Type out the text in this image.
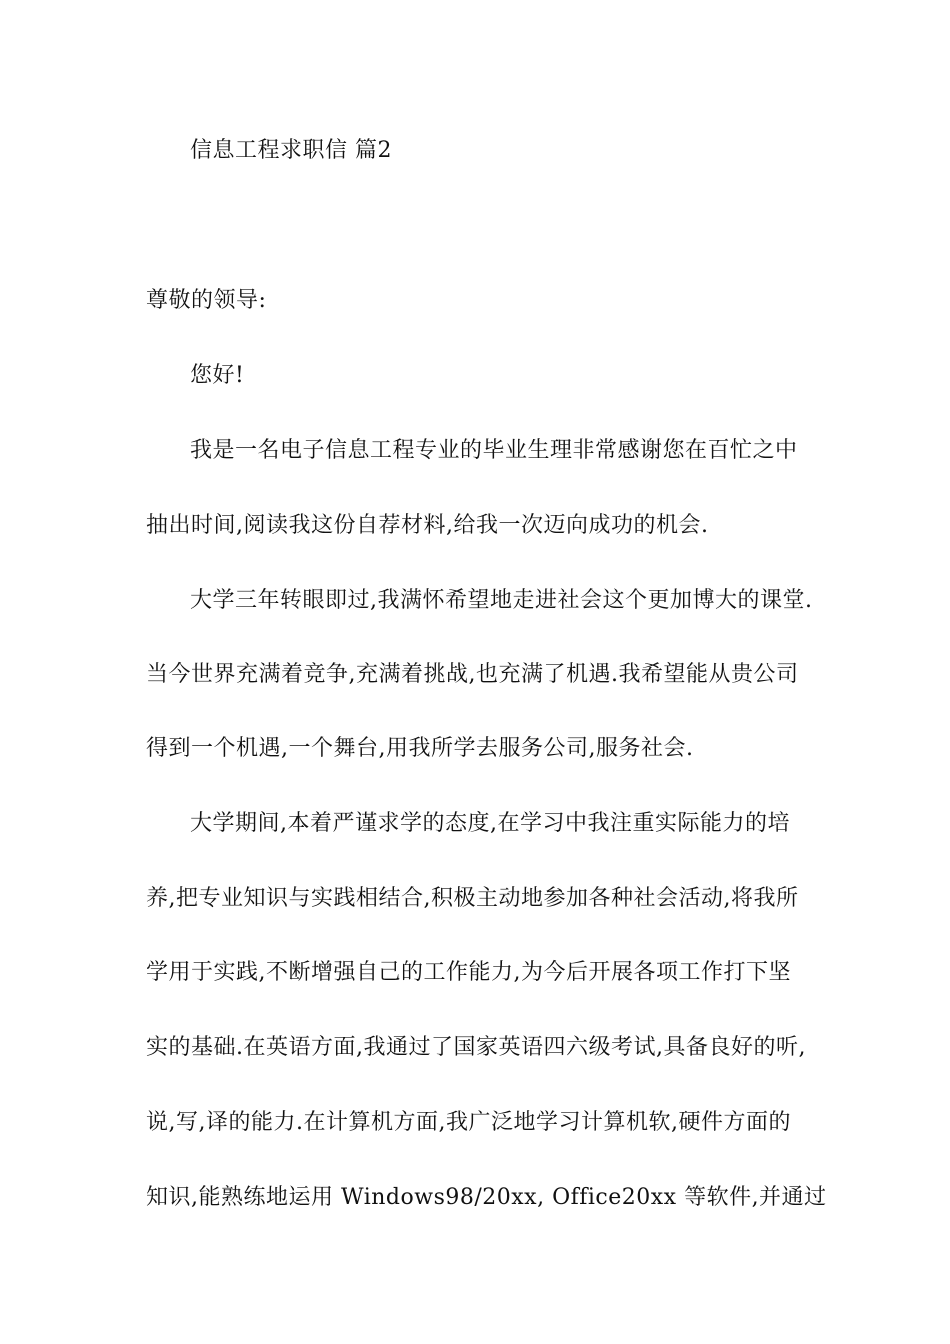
信息工程求职信 篇2
尊敬的领导:
您好!
我是一名电子信息工程专业的毕业生理非常感谢您在百忙之中
抽出时间,阅读我这份自荐材料,给我一次迈向成功的机会.
大学三年转眼即过,我满怀希望地走进社会这个更加博大的课堂.
当今世界充满着竞争,充满着挑战,也充满了机遇.我希望能从贵公司
得到一个机遇,一个舞台,用我所学去服务公司,服务社会.
大学期间,本着严谨求学的态度,在学习中我注重实际能力的培
养,把专业知识与实践相结合,积极主动地参加各种社会活动,将我所
学用于实践,不断增强自己的工作能力,为今后开展各项工作打下坚
实的基础.在英语方面,我通过了国家英语四六级考试,具备良好的听,
说,写,译的能力.在计算机方面,我广泛地学习计算机软,硬件方面的
知识,能熟练地运用 Windows98/20xx, Office20xx 等软件,并通过
